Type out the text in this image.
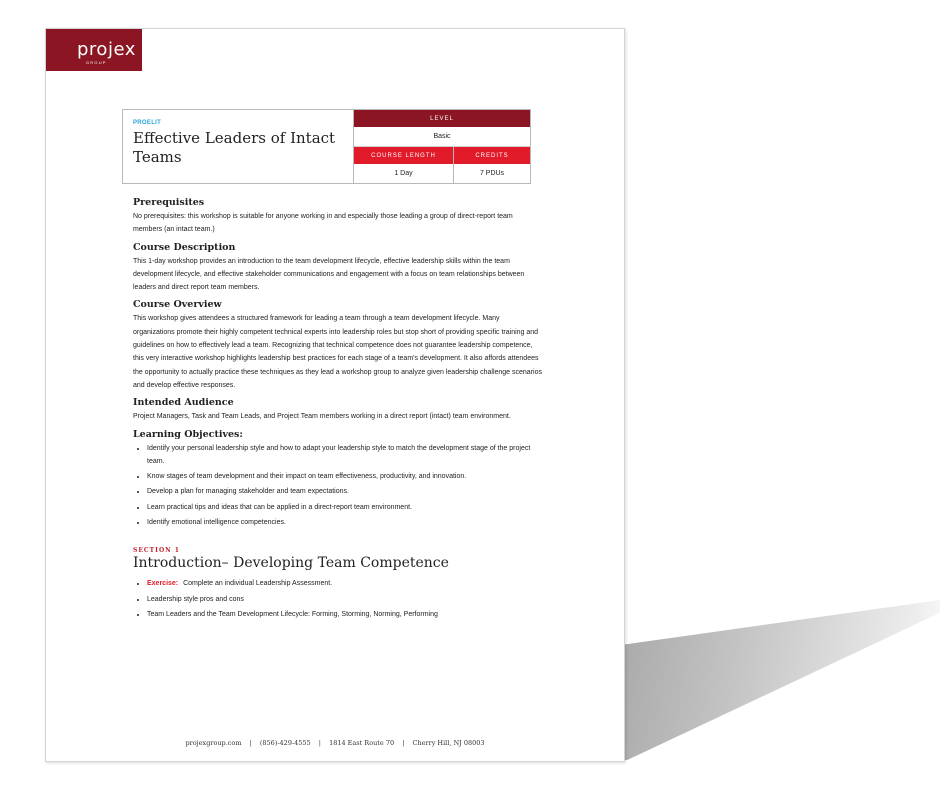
projex
GROUP
PROELIT
Effective Leaders of Intact Teams
LEVEL
Basic
COURSE LENGTH
1 Day
CREDITS
7 PDUs
Prerequisites

No prerequisites: this workshop is suitable for anyone working in and especially those leading a group of direct-report team members (an intact team.)

Course Description

This 1-day workshop provides an introduction to the team development lifecycle, effective leadership skills within the team development lifecycle, and effective stakeholder communications and engagement with a focus on team relationships between leaders and direct report team members.

Course Overview

This workshop gives attendees a structured framework for leading a team through a team development lifecycle. Many organizations promote their highly competent technical experts into leadership roles but stop short of providing specific training and guidelines on how to effectively lead a team. Recognizing that technical competence does not guarantee leadership competence, this very interactive workshop highlights leadership best practices for each stage of a team's development. It also affords attendees the opportunity to actually practice these techniques as they lead a workshop group to analyze given leadership challenge scenarios and develop effective responses.

Intended Audience

Project Managers, Task and Team Leads, and Project Team members working in a direct report (intact) team environment.

Learning Objectives:
• Identify your personal leadership style and how to adapt your leadership style to match the development stage of the project team.
• Know stages of team development and their impact on team effectiveness, productivity, and innovation.
• Develop a plan for managing stakeholder and team expectations.
• Learn practical tips and ideas that can be applied in a direct-report team environment.
• Identify emotional intelligence competencies.
SECTION 1
Introduction– Developing Team Competence
• Exercise: Complete an individual Leadership Assessment.
• Leadership style pros and cons
• Team Leaders and the Team Development Lifecycle: Forming, Storming, Norming, Performing
projexgroup.com | (856)-429-4555 | 1814 East Route 70 | Cherry Hill, NJ 08003
